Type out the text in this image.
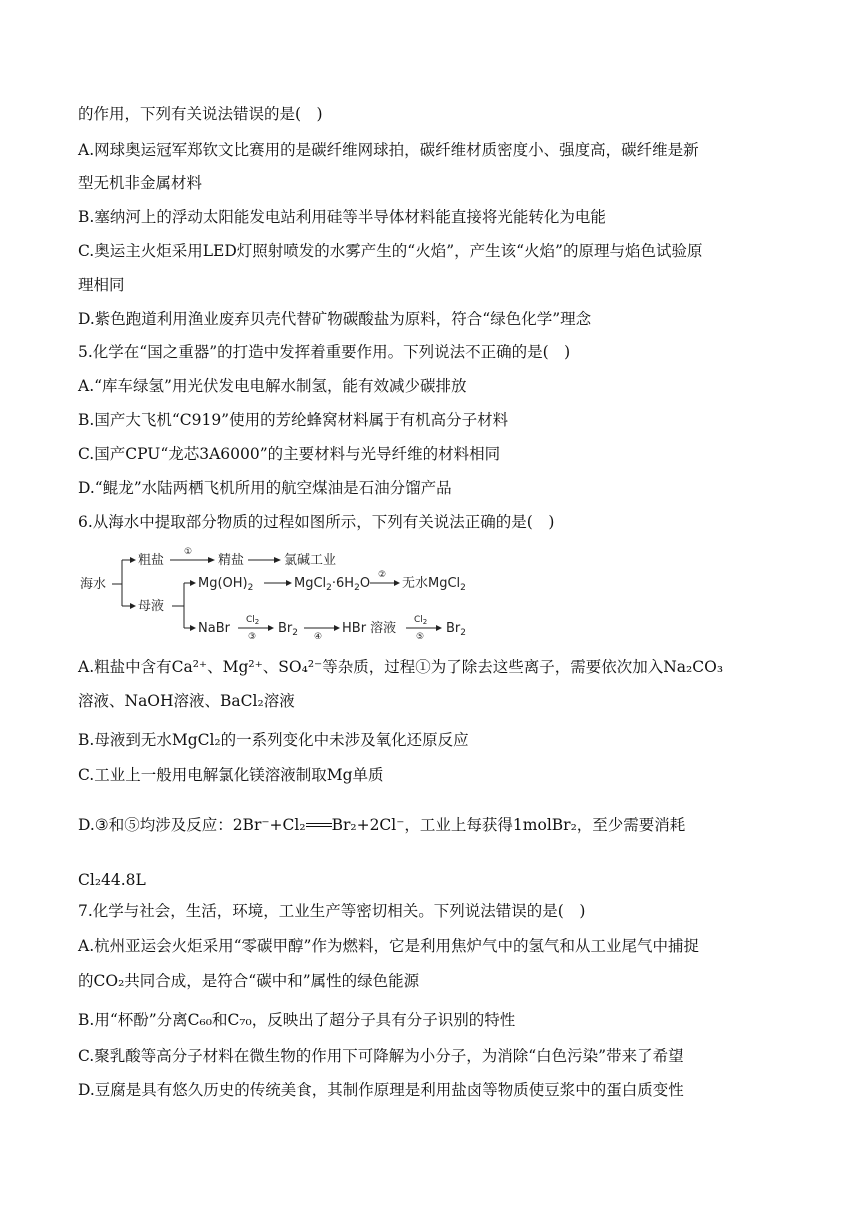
的作用，下列有关说法错误的是(　)
A.网球奥运冠军郑钦文比赛用的是碳纤维网球拍，碳纤维材质密度小、强度高，碳纤维是新
型无机非金属材料
B.塞纳河上的浮动太阳能发电站利用硅等半导体材料能直接将光能转化为电能
C.奥运主火炬采用LED灯照射喷发的水雾产生的“火焰”，产生该“火焰”的原理与焰色试验原
理相同
D.紫色跑道利用渔业废弃贝壳代替矿物碳酸盐为原料，符合“绿色化学”理念
5.化学在“国之重器”的打造中发挥着重要作用。下列说法不正确的是(　)
A.“库车绿氢”用光伏发电电解水制氢，能有效减少碳排放
B.国产大飞机“C919”使用的芳纶蜂窝材料属于有机高分子材料
C.国产CPU“龙芯3A6000”的主要材料与光导纤维的材料相同
D.“鲲龙”水陆两栖飞机所用的航空煤油是石油分馏产品
6.从海水中提取部分物质的过程如图所示，下列有关说法正确的是(　)
海水
粗盐
①
精盐	氯碱工业
母液
$Mg(OH)_2$	$MgCl_2\cdot 6H_2O$
②
无水MgCl$_2$
NaBr
$Cl_2$
③
$Br_2$ ④
HBr 溶液
$Cl_2$
⑤
$Br_2$
A.粗盐中含有Ca²⁺、Mg²⁺、SO₄²⁻等杂质，过程①为了除去这些离子，需要依次加入Na₂CO₃
溶液、NaOH溶液、BaCl₂溶液
B.母液到无水MgCl₂的一系列变化中未涉及氧化还原反应
C.工业上一般用电解氯化镁溶液制取Mg单质
D.③和⑤均涉及反应：2Br⁻+Cl₂ Br₂+2Cl⁻，工业上每获得1molBr₂，至少需要消耗
Cl₂44.8L
7.化学与社会，生活，环境，工业生产等密切相关。下列说法错误的是(　)
A.杭州亚运会火炬采用“零碳甲醇”作为燃料，它是利用焦炉气中的氢气和从工业尾气中捕捉
的CO₂共同合成，是符合“碳中和”属性的绿色能源
B.用“杯酚”分离C₆₀和C₇₀，反映出了超分子具有分子识别的特性
C.聚乳酸等高分子材料在微生物的作用下可降解为小分子，为消除“白色污染”带来了希望
D.豆腐是具有悠久历史的传统美食，其制作原理是利用盐卤等物质使豆浆中的蛋白质变性
